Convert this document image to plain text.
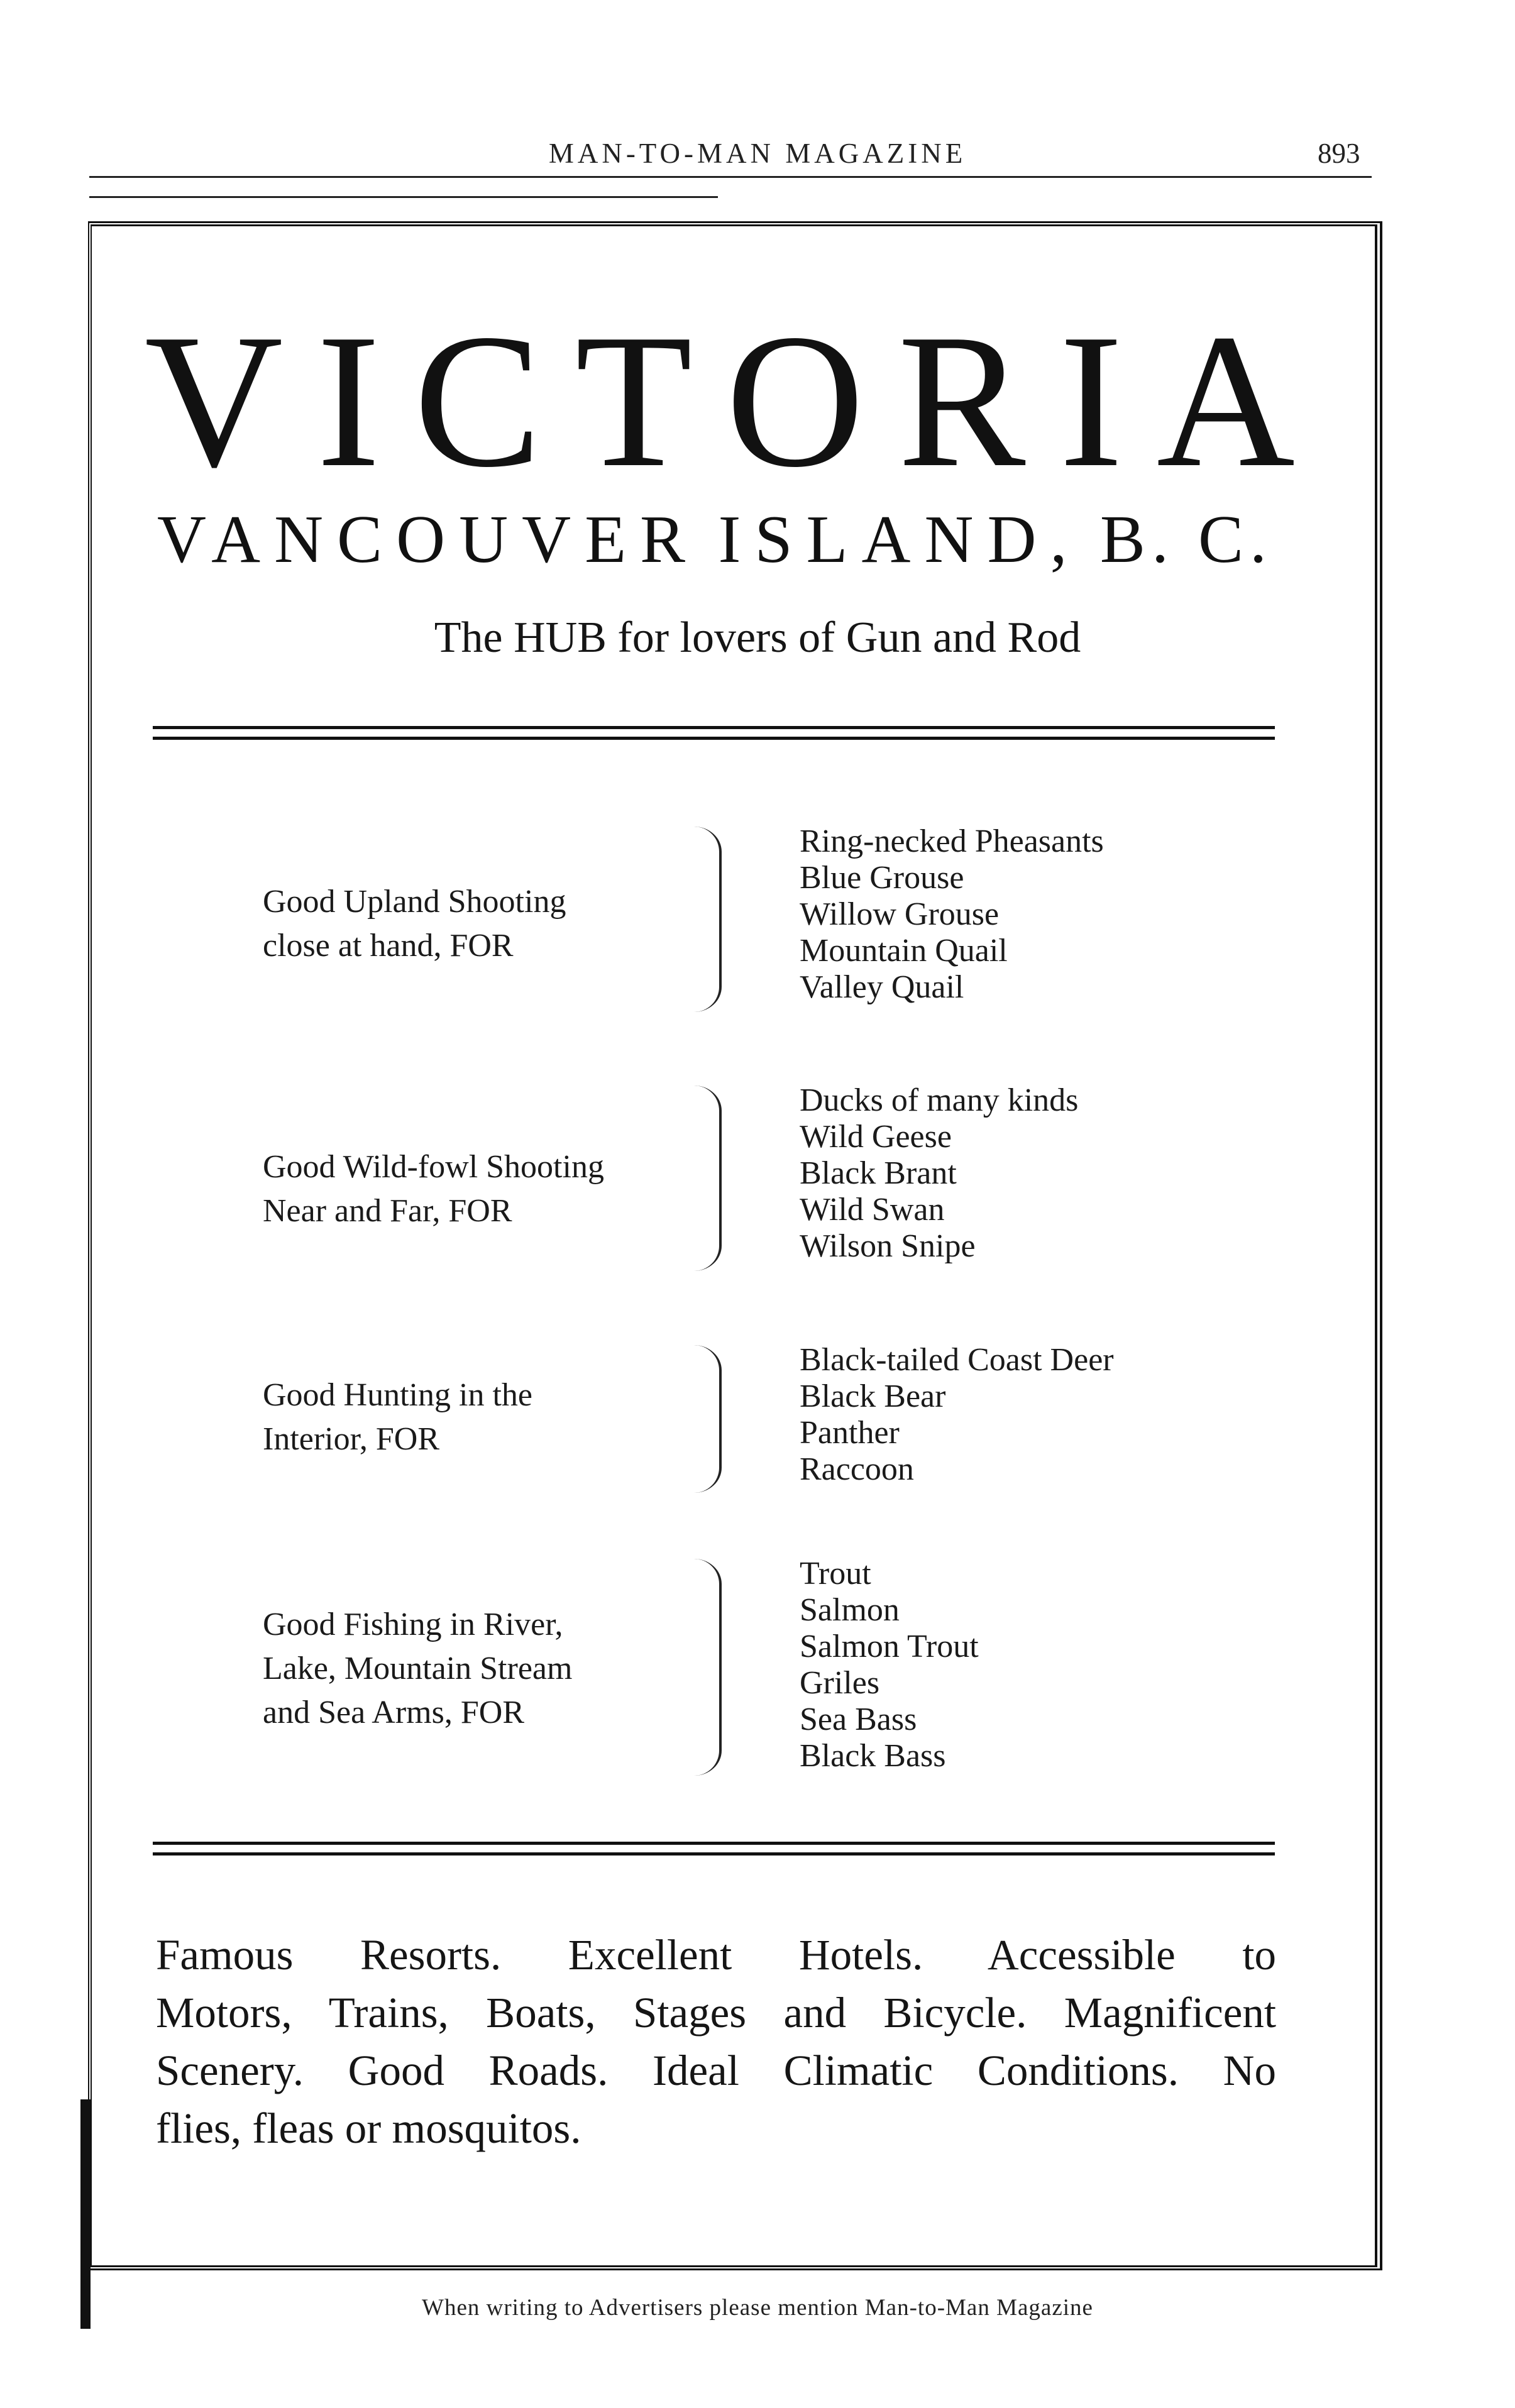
MAN-TO-MAN MAGAZINE	893
V I C T O R I A
VANCOUVER ISLAND, B. C.
The HUB for lovers of Gun and Rod
Good Upland Shooting
close at hand, FOR
Ring-necked Pheasants
Blue Grouse
Willow Grouse
Mountain Quail
Valley Quail
Good Wild-fowl Shooting
Near and Far, FOR
Ducks of many kinds
Wild Geese
Black Brant
Wild Swan
Wilson Snipe
Good Hunting in the
Interior, FOR
Black-tailed Coast Deer
Black Bear
Panther
Raccoon
Good Fishing in River,
Lake, Mountain Stream
and Sea Arms, FOR
Trout
Salmon
Salmon Trout
Griles
Sea Bass
Black Bass
Famous Resorts. Excellent Hotels. Accessible to
Motors, Trains, Boats, Stages and Bicycle. Magnificent
Scenery. Good Roads. Ideal Climatic Conditions. No
flies, fleas or mosquitos.
When writing to Advertisers please mention Man-to-Man Magazine
